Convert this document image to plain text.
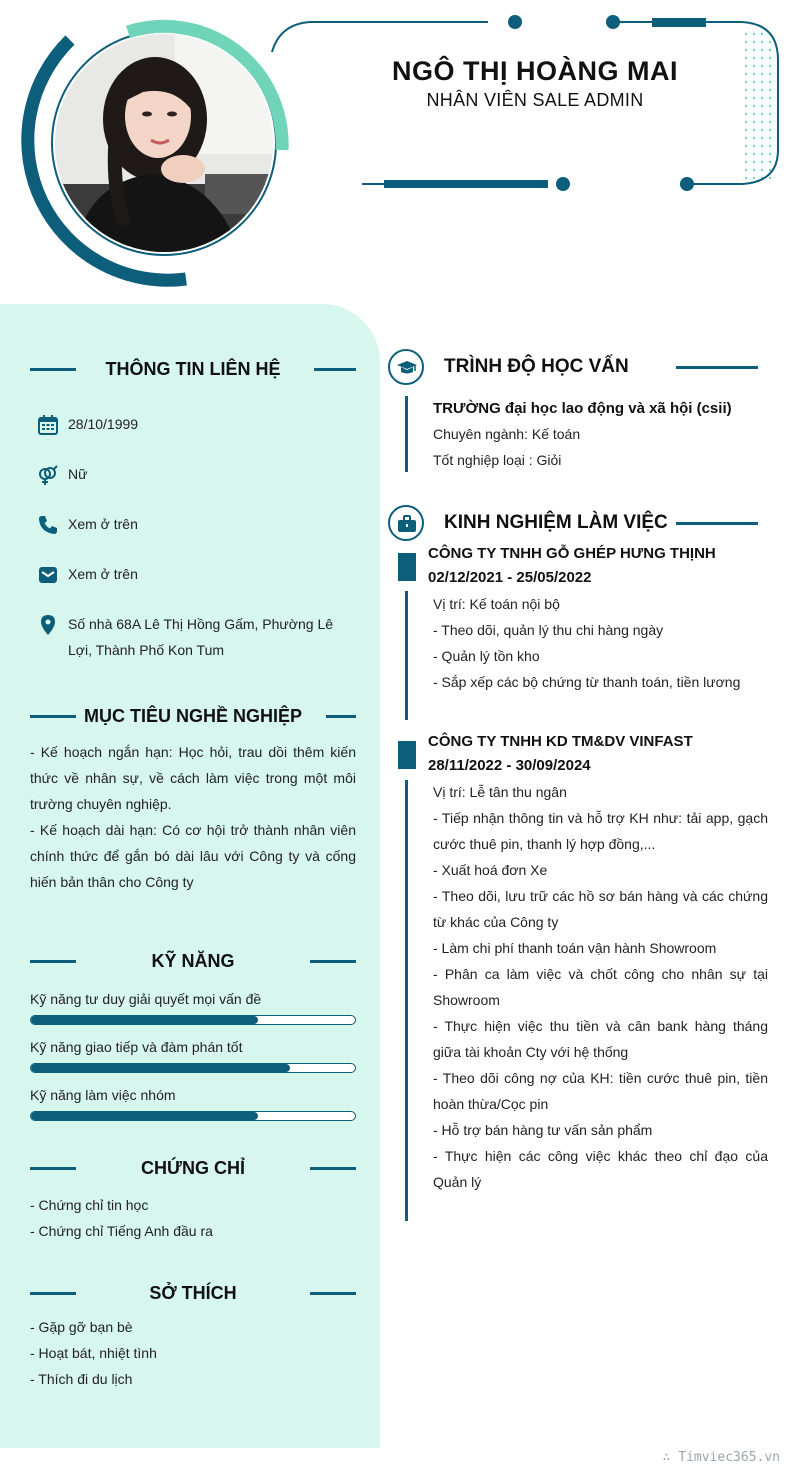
NGÔ THỊ HOÀNG MAI
NHÂN VIÊN SALE ADMIN
THÔNG TIN LIÊN HỆ
28/10/1999
Nữ
Xem ở trên
Xem ở trên
Số nhà 68A Lê Thị Hồng Gấm, Phường Lê Lợi, Thành Phố Kon Tum
MỤC TIÊU NGHỀ NGHIỆP
- Kế hoạch ngắn hạn: Học hỏi, trau dồi thêm kiến thức về nhân sự, về cách làm việc trong một môi trường chuyên nghiệp.
- Kế hoạch dài hạn: Có cơ hội trở thành nhân viên chính thức để gắn bó dài lâu với Công ty và cống hiến bản thân cho Công ty
KỸ NĂNG
Kỹ năng tư duy giải quyết mọi vấn đề
Kỹ năng giao tiếp và đàm phán tốt
Kỹ năng làm việc nhóm
CHỨNG CHỈ
- Chứng chỉ tin học
- Chứng chỉ Tiếng Anh đầu ra
SỞ THÍCH
- Gặp gỡ bạn bè
- Hoạt bát, nhiệt tình
- Thích đi du lịch
TRÌNH ĐỘ HỌC VẤN
TRƯỜNG đại học lao động và xã hội (csii)
Chuyên ngành: Kế toán
Tốt nghiệp loại : Giỏi
KINH NGHIỆM LÀM VIỆC
CÔNG TY TNHH GỖ GHÉP HƯNG THỊNH
02/12/2021 - 25/05/2022
Vị trí: Kế toán nội bộ
- Theo dõi, quản lý thu chi hàng ngày
- Quản lý tồn kho
- Sắp xếp các bộ chứng từ thanh toán, tiền lương
CÔNG TY TNHH KD TM&DV VINFAST
28/11/2022 - 30/09/2024
Vị trí: Lễ tân thu ngân
- Tiếp nhận thông tin và hỗ trợ KH như: tải app, gạch cước thuê pin, thanh lý hợp đồng,...
- Xuất hoá đơn Xe
- Theo dõi, lưu trữ các hồ sơ bán hàng và các chứng từ khác của Công ty
- Làm chi phí thanh toán vận hành Showroom
- Phân ca làm việc và chốt công cho nhân sự tại Showroom
- Thực hiện việc thu tiền và cân bank hàng tháng giữa tài khoản Cty với hệ thống
- Theo dõi công nợ của KH: tiền cước thuê pin, tiền hoàn thừa/Cọc pin
- Hỗ trợ bán hàng tư vấn sản phẩm
- Thực hiện các công việc khác theo chỉ đạo của Quản lý
∴ Timviec365.vn
